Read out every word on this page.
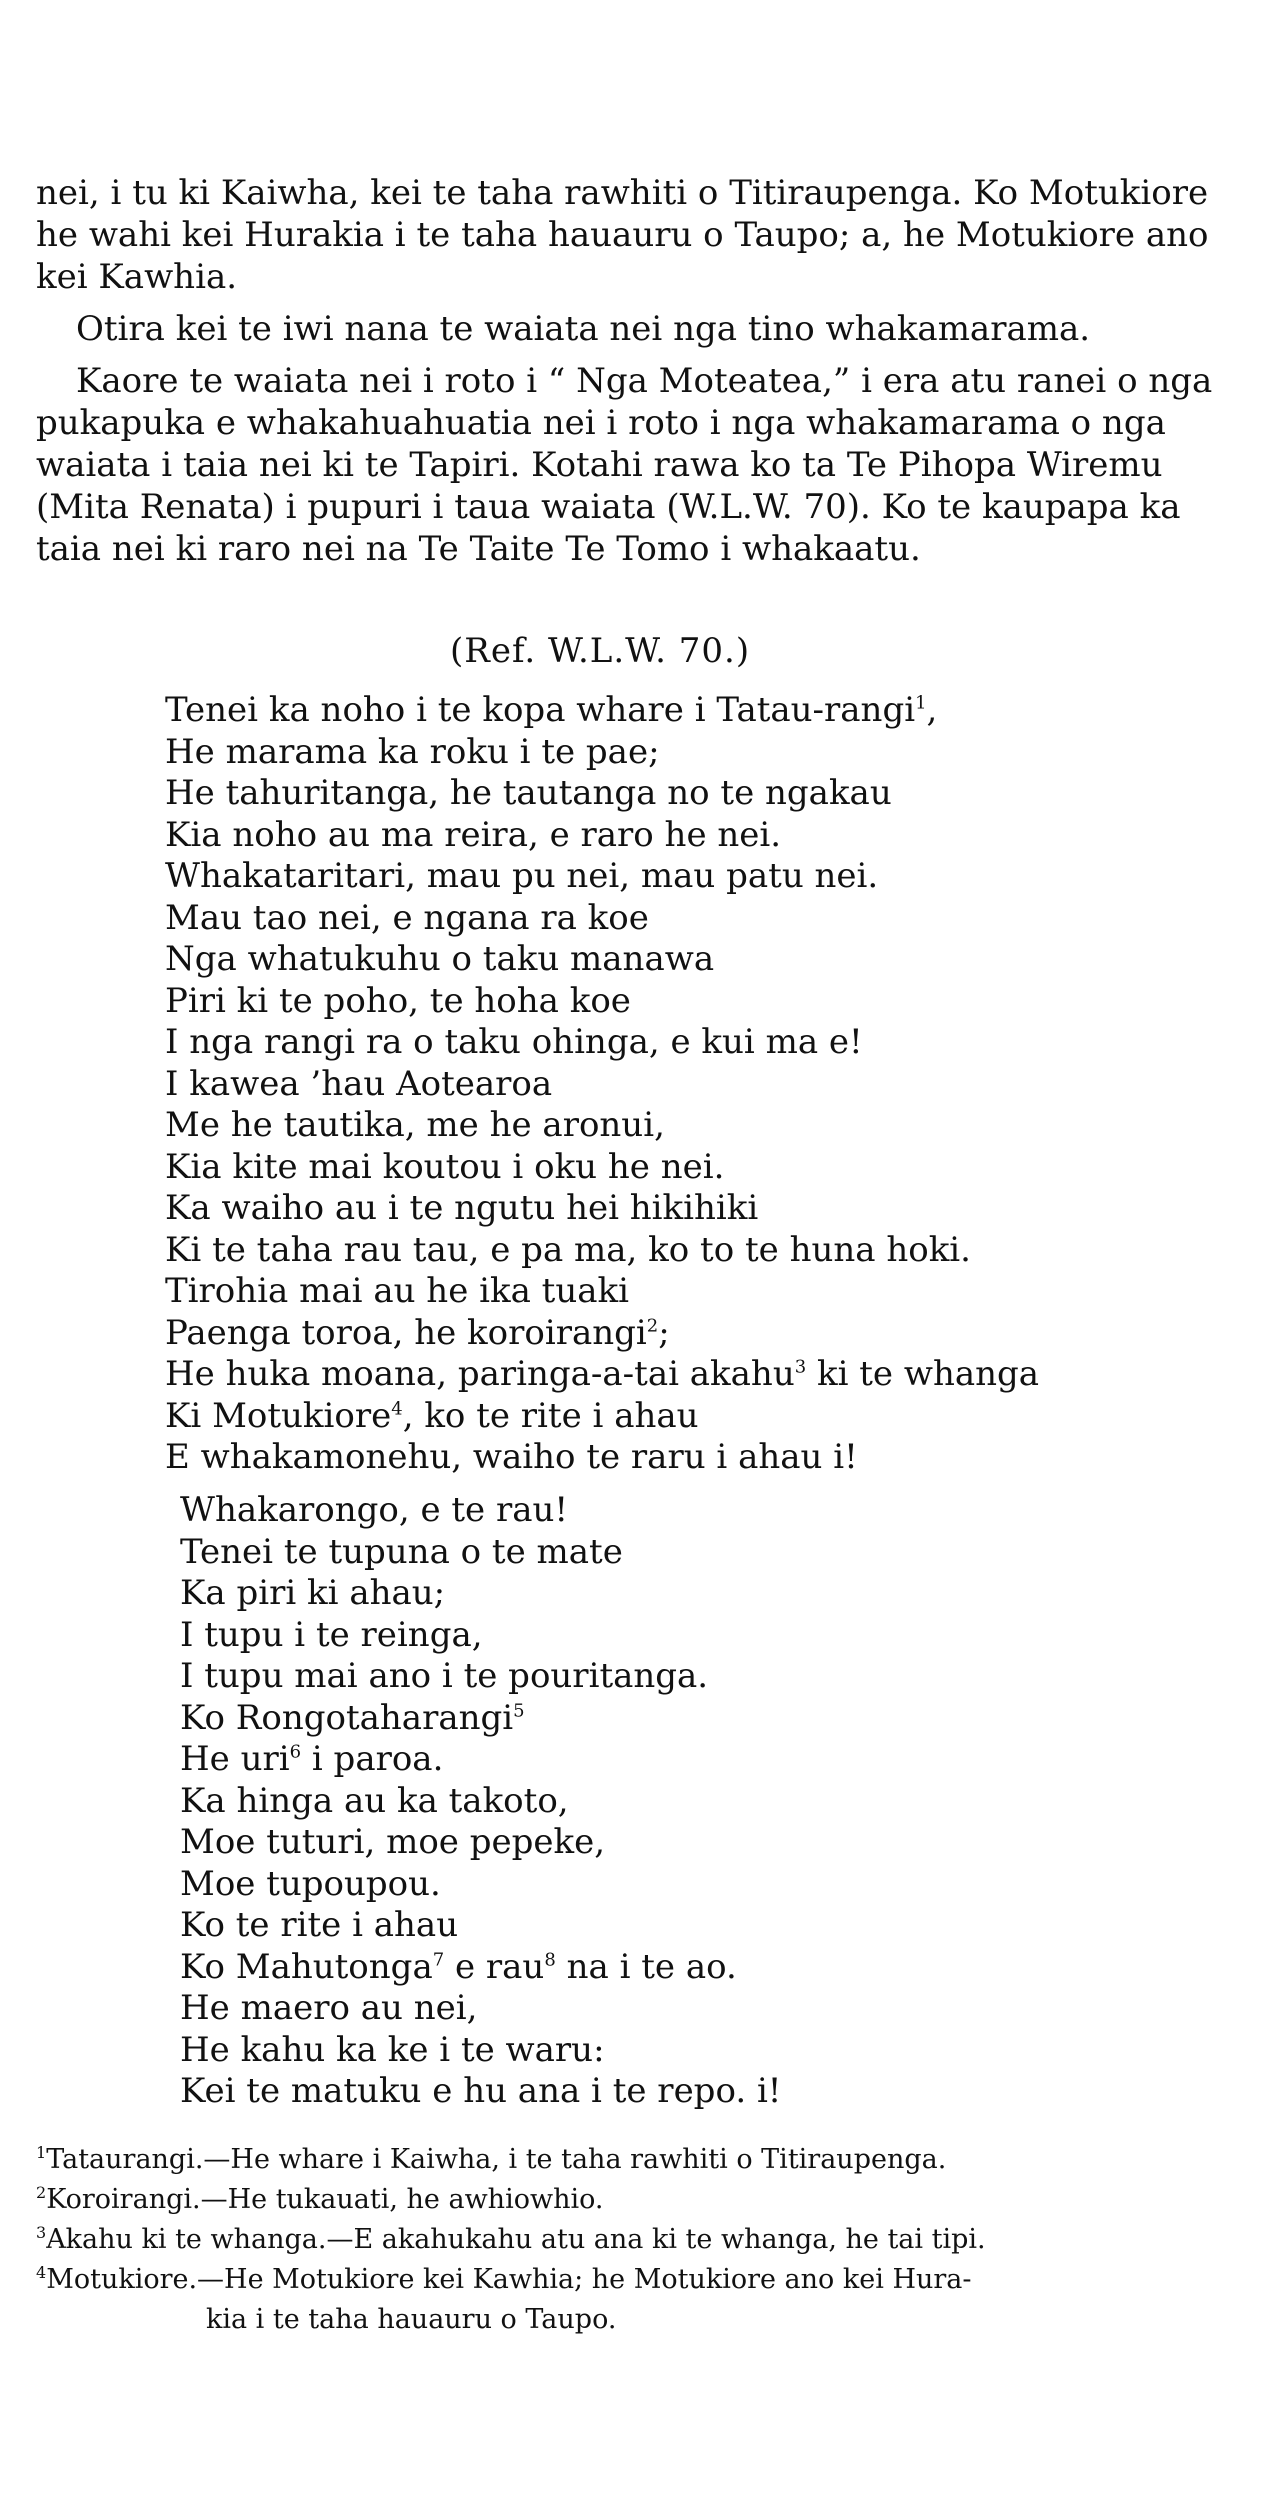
nei, i tu ki Kaiwha, kei te taha rawhiti o Titiraupenga. Ko Motukiore he wahi kei Hurakia i te taha hauauru o Taupo; a, he Motukiore ano kei Kawhia.

Otira kei te iwi nana te waiata nei nga tino whakamarama.

Kaore te waiata nei i roto i “ Nga Moteatea,” i era atu ranei o nga pukapuka e whakahuahuatia nei i roto i nga whakamarama o nga waiata i taia nei ki te Tapiri. Kotahi rawa ko ta Te Pihopa Wiremu (Mita Renata) i pupuri i taua waiata (W.L.W. 70). Ko te kaupapa ka taia nei ki raro nei na Te Taite Te Tomo i whakaatu.

(Ref. W.L.W. 70.)
Tenei ka noho i te kopa whare i Tatau-rangi$^1$,
He marama ka roku i te pae;
He tahuritanga, he tautanga no te ngakau
Kia noho au ma reira, e raro he nei.
Whakataritari, mau pu nei, mau patu nei.
Mau tao nei, e ngana ra koe
Nga whatukuhu o taku manawa
Piri ki te poho, te hoha koe
I nga rangi ra o taku ohinga, e kui ma e!
I kawea ’hau Aotearoa
Me he tautika, me he aronui,
Kia kite mai koutou i oku he nei.
Ka waiho au i te ngutu hei hikihiki
Ki te taha rau tau, e pa ma, ko to te huna hoki.
Tirohia mai au he ika tuaki
Paenga toroa, he koroirangi$^2$;
He huka moana, paringa-a-tai akahu$^3$ ki te whanga
Ki Motukiore$^4$, ko te rite i ahau
E whakamonehu, waiho te raru i ahau i!
Whakarongo, e te rau!
Tenei te tupuna o te mate
Ka piri ki ahau;
I tupu i te reinga,
I tupu mai ano i te pouritanga.
Ko Rongotaharangi$^5$
He uri$^6$ i paroa.
Ka hinga au ka takoto,
Moe tuturi, moe pepeke,
Moe tupoupou.
Ko te rite i ahau
Ko Mahutonga$^7$ e rau$^8$ na i te ao.
He maero au nei,
He kahu ka ke i te waru:
Kei te matuku e hu ana i te repo. i!
$^1$Tataurangi.—He whare i Kaiwha, i te taha rawhiti o Titiraupenga.
$^2$Koroirangi.—He tukauati, he awhiowhio.
$^3$Akahu ki te whanga.—E akahukahu atu ana ki te whanga, he tai tipi.
$^4$Motukiore.—He Motukiore kei Kawhia; he Motukiore ano kei Hura-
kia i te taha hauauru o Taupo.
